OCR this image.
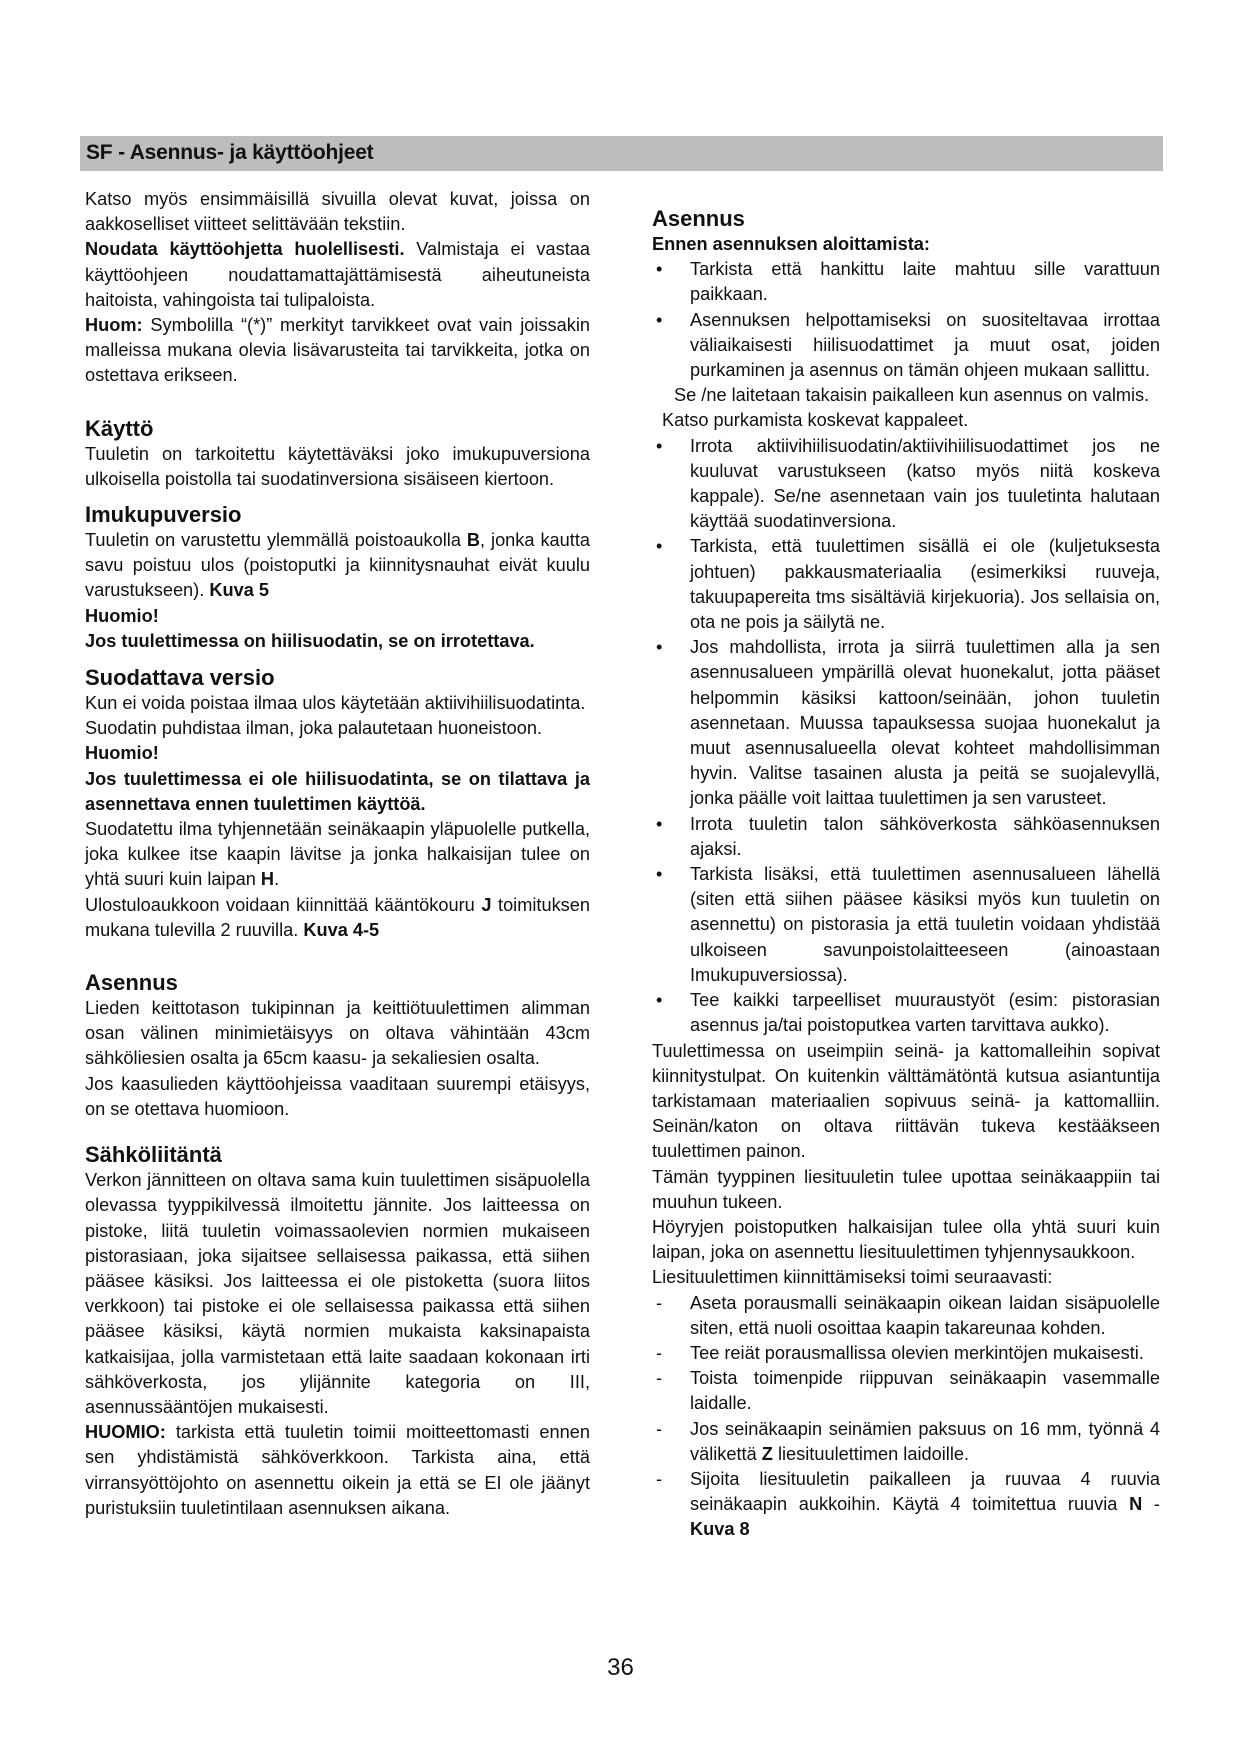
SF - Asennus- ja käyttöohjeet

Katso myös ensimmäisillä sivuilla olevat kuvat, joissa on aakkoselliset viitteet selittävään tekstiin.

Noudata käyttöohjetta huolellisesti. Valmistaja ei vastaa käyttöohjeen noudattamattajättämisestä aiheutuneista haitoista, vahingoista tai tulipaloista.

Huom: Symbolilla “(*)” merkityt tarvikkeet ovat vain joissakin malleissa mukana olevia lisävarusteita tai tarvikkeita, jotka on ostettava erikseen.

Käyttö

Tuuletin on tarkoitettu käytettäväksi joko imukupuversiona ulkoisella poistolla tai suodatinversiona sisäiseen kiertoon.

Imukupuversio

Tuuletin on varustettu ylemmällä poistoaukolla B, jonka kautta savu poistuu ulos (poistoputki ja kiinnitysnauhat eivät kuulu varustukseen). Kuva 5

Huomio!

Jos tuulettimessa on hiilisuodatin, se on irrotettava.

Suodattava versio

Kun ei voida poistaa ilmaa ulos käytetään aktiivihiilisuodatinta.

Suodatin puhdistaa ilman, joka palautetaan huoneistoon.

Huomio!

Jos tuulettimessa ei ole hiilisuodatinta, se on tilattava ja asennettava ennen tuulettimen käyttöä.

Suodatettu ilma tyhjennetään seinäkaapin yläpuolelle putkella, joka kulkee itse kaapin lävitse ja jonka halkaisijan tulee on yhtä suuri kuin laipan H.

Ulostuloaukkoon voidaan kiinnittää kääntökouru J toimituksen mukana tulevilla 2 ruuvilla. Kuva 4-5

Asennus

Lieden keittotason tukipinnan ja keittiötuulettimen alimman osan välinen minimietäisyys on oltava vähintään 43cm sähköliesien osalta ja 65cm kaasu- ja sekaliesien osalta.

Jos kaasulieden käyttöohjeissa vaaditaan suurempi etäisyys, on se otettava huomioon.

Sähköliitäntä

Verkon jännitteen on oltava sama kuin tuulettimen sisäpuolella olevassa tyyppikilvessä ilmoitettu jännite. Jos laitteessa on pistoke, liitä tuuletin voimassaolevien normien mukaiseen pistorasiaan, joka sijaitsee sellaisessa paikassa, että siihen pääsee käsiksi. Jos laitteessa ei ole pistoketta (suora liitos verkkoon) tai pistoke ei ole sellaisessa paikassa että siihen pääsee käsiksi, käytä normien mukaista kaksinapaista katkaisijaa, jolla varmistetaan että laite saadaan kokonaan irti sähköverkosta, jos ylijännite kategoria on III, asennussääntöjen mukaisesti.

HUOMIO: tarkista että tuuletin toimii moitteettomasti ennen sen yhdistämistä sähköverkkoon. Tarkista aina, että virransyöttöjohto on asennettu oikein ja että se EI ole jäänyt puristuksiin tuuletintilaan asennuksen aikana.

Asennus

Ennen asennuksen aloittamista:

•	Tarkista että hankittu laite mahtuu sille varattuun paikkaan.
•	Asennuksen helpottamiseksi on suositeltavaa irrottaa väliaikaisesti hiilisuodattimet ja muut osat, joiden purkaminen ja asennus on tämän ohjeen mukaan sallittu.

Se /ne laitetaan takaisin paikalleen kun asennus on valmis.

Katso purkamista koskevat kappaleet.

•	Irrota aktiivihiilisuodatin/aktiivihiilisuodattimet jos ne kuuluvat varustukseen (katso myös niitä koskeva kappale). Se/ne asennetaan vain jos tuuletinta halutaan käyttää suodatinversiona.
•	Tarkista, että tuulettimen sisällä ei ole (kuljetuksesta johtuen) pakkausmateriaalia (esimerkiksi ruuveja, takuupapereita tms sisältäviä kirjekuoria). Jos sellaisia on, ota ne pois ja säilytä ne.
•	Jos mahdollista, irrota ja siirrä tuulettimen alla ja sen asennusalueen ympärillä olevat huonekalut, jotta pääset helpommin käsiksi kattoon/seinään, johon tuuletin asennetaan. Muussa tapauksessa suojaa huonekalut ja muut asennusalueella olevat kohteet mahdollisimman hyvin. Valitse tasainen alusta ja peitä se suojalevyllä, jonka päälle voit laittaa tuulettimen ja sen varusteet.
•	Irrota tuuletin talon sähköverkosta sähköasennuksen ajaksi.
•	Tarkista lisäksi, että tuulettimen asennusalueen lähellä (siten että siihen pääsee käsiksi myös kun tuuletin on asennettu) on pistorasia ja että tuuletin voidaan yhdistää ulkoiseen savunpoistolaitteeseen (ainoastaan Imukupuversiossa).
•	Tee kaikki tarpeelliset muuraustyöt (esim: pistorasian asennus ja/tai poistoputkea varten tarvittava aukko).

Tuulettimessa on useimpiin seinä- ja kattomalleihin sopivat kiinnitystulpat. On kuitenkin välttämätöntä kutsua asiantuntija tarkistamaan materiaalien sopivuus seinä- ja kattomalliin. Seinän/katon on oltava riittävän tukeva kestääkseen tuulettimen painon.

Tämän tyyppinen liesituuletin tulee upottaa seinäkaappiin tai muuhun tukeen.

Höyryjen poistoputken halkaisijan tulee olla yhtä suuri kuin laipan, joka on asennettu liesituulettimen tyhjennysaukkoon.

Liesituulettimen kiinnittämiseksi toimi seuraavasti:

-	Aseta porausmalli seinäkaapin oikean laidan sisäpuolelle siten, että nuoli osoittaa kaapin takareunaa kohden.
-	Tee reiät porausmallissa olevien merkintöjen mukaisesti.
-	Toista toimenpide riippuvan seinäkaapin vasemmalle laidalle.
-	Jos seinäkaapin seinämien paksuus on 16 mm, työnnä 4 välikettä Z liesituulettimen laidoille.
-	Sijoita liesituuletin paikalleen ja ruuvaa 4 ruuvia seinäkaapin aukkoihin. Käytä 4 toimitettua ruuvia N - Kuva 8
36
